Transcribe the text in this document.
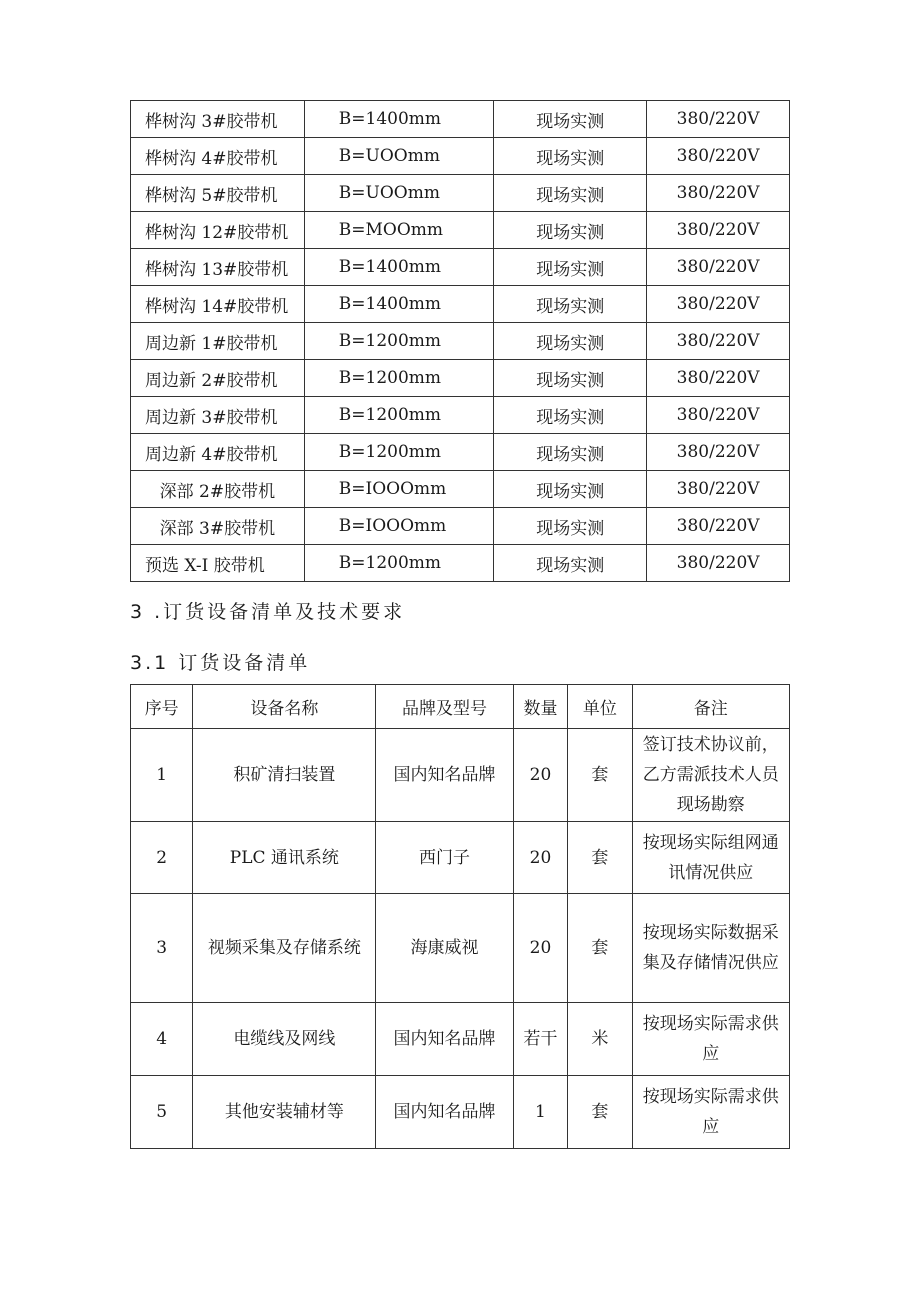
桦树沟 3#胶带机	B=1400mm	现场实测	380/220V
桦树沟 4#胶带机	B=UOOmm	现场实测	380/220V
桦树沟 5#胶带机	B=UOOmm	现场实测	380/220V
桦树沟 12#胶带机	B=MOOmm	现场实测	380/220V
桦树沟 13#胶带机	B=1400mm	现场实测	380/220V
桦树沟 14#胶带机	B=1400mm	现场实测	380/220V
周边新 1#胶带机	B=1200mm	现场实测	380/220V
周边新 2#胶带机	B=1200mm	现场实测	380/220V
周边新 3#胶带机	B=1200mm	现场实测	380/220V
周边新 4#胶带机	B=1200mm	现场实测	380/220V
深部 2#胶带机	B=IOOOmm	现场实测	380/220V
深部 3#胶带机	B=IOOOmm	现场实测	380/220V
预选 X-I 胶带机	B=1200mm	现场实测	380/220V
3 .订货设备清单及技术要求
3.1 订货设备清单
序号	设备名称	品牌及型号	数量	单位	备注
1	积矿清扫装置	国内知名品牌	20	套	签订技术协议前，
乙方需派技术人员
现场勘察

2	PLC 通讯系统	西门子	20	套	按现场实际组网通
讯情况供应

3	视频采集及存储系统	海康威视	20	套	按现场实际数据采
集及存储情况供应

4	电缆线及网线	国内知名品牌	若干	米	按现场实际需求供
应

5	其他安装辅材等	国内知名品牌	1	套	按现场实际需求供
应
